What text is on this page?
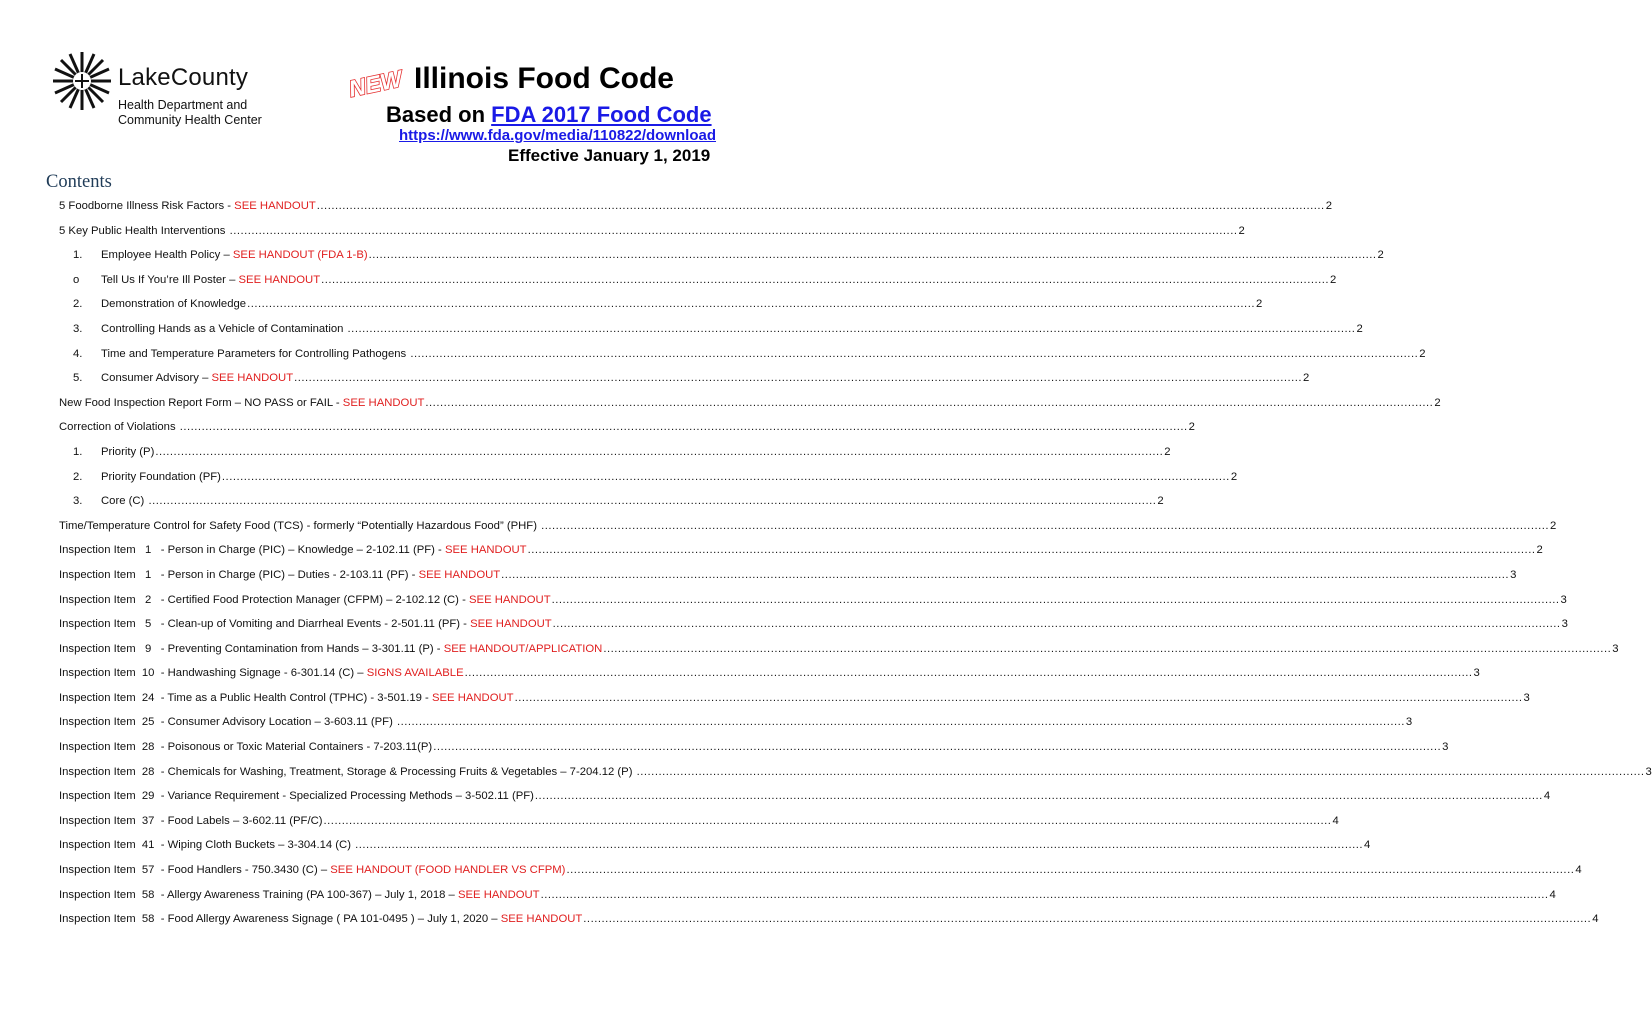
LakeCounty
Health Department and
Community Health Center
NEW Illinois Food Code
Based on FDA 2017 Food Code
https://www.fda.gov/media/110822/download
Effective January 1, 2019
Contents
5 Foodborne Illness Risk Factors - SEE HANDOUT .....	2
5 Key Public Health Interventions .....	2
1. Employee Health Policy – SEE HANDOUT (FDA 1-B) .....	2
o Tell Us If You’re Ill Poster – SEE HANDOUT .....	2
2. Demonstration of Knowledge .....	2
3. Controlling Hands as a Vehicle of Contamination .....	2
4. Time and Temperature Parameters for Controlling Pathogens .....	2
5. Consumer Advisory – SEE HANDOUT .....	2
New Food Inspection Report Form – NO PASS or FAIL - SEE HANDOUT .....	2
Correction of Violations .....	2
1. Priority (P) .....	2
2. Priority Foundation (PF) .....	2
3. Core (C) .....	2
Time/Temperature Control for Safety Food (TCS) - formerly “Potentially Hazardous Food” (PHF) .....	2
Inspection Item   1   - Person in Charge (PIC) – Knowledge – 2-102.11 (PF) - SEE HANDOUT .....	2
Inspection Item   1   - Person in Charge (PIC) – Duties - 2-103.11 (PF) - SEE HANDOUT .....	3
Inspection Item   2   - Certified Food Protection Manager (CFPM) – 2-102.12 (C) - SEE HANDOUT .....	3
Inspection Item   5   - Clean-up of Vomiting and Diarrheal Events - 2-501.11 (PF) - SEE HANDOUT .....	3
Inspection Item   9   - Preventing Contamination from Hands – 3-301.11 (P) - SEE HANDOUT/APPLICATION .....	3
Inspection Item  10  - Handwashing Signage - 6-301.14 (C) – SIGNS AVAILABLE .....	3
Inspection Item  24  - Time as a Public Health Control (TPHC) - 3-501.19 - SEE HANDOUT .....	3
Inspection Item  25  - Consumer Advisory Location – 3-603.11 (PF) .....	3
Inspection Item  28  - Poisonous or Toxic Material Containers - 7-203.11(P) .....	3
Inspection Item  28  - Chemicals for Washing, Treatment, Storage & Processing Fruits & Vegetables – 7-204.12 (P) .....	3
Inspection Item  29  - Variance Requirement - Specialized Processing Methods – 3-502.11 (PF) .....	4
Inspection Item  37  - Food Labels – 3-602.11 (PF/C) .....	4
Inspection Item  41  - Wiping Cloth Buckets – 3-304.14 (C) .....	4
Inspection Item  57  - Food Handlers - 750.3430 (C) – SEE HANDOUT (FOOD HANDLER VS CFPM) .....	4
Inspection Item  58  - Allergy Awareness Training (PA 100-367) – July 1, 2018 – SEE HANDOUT .....	4
Inspection Item  58  - Food Allergy Awareness Signage ( PA 101-0495 ) – July 1, 2020 – SEE HANDOUT .....	4
